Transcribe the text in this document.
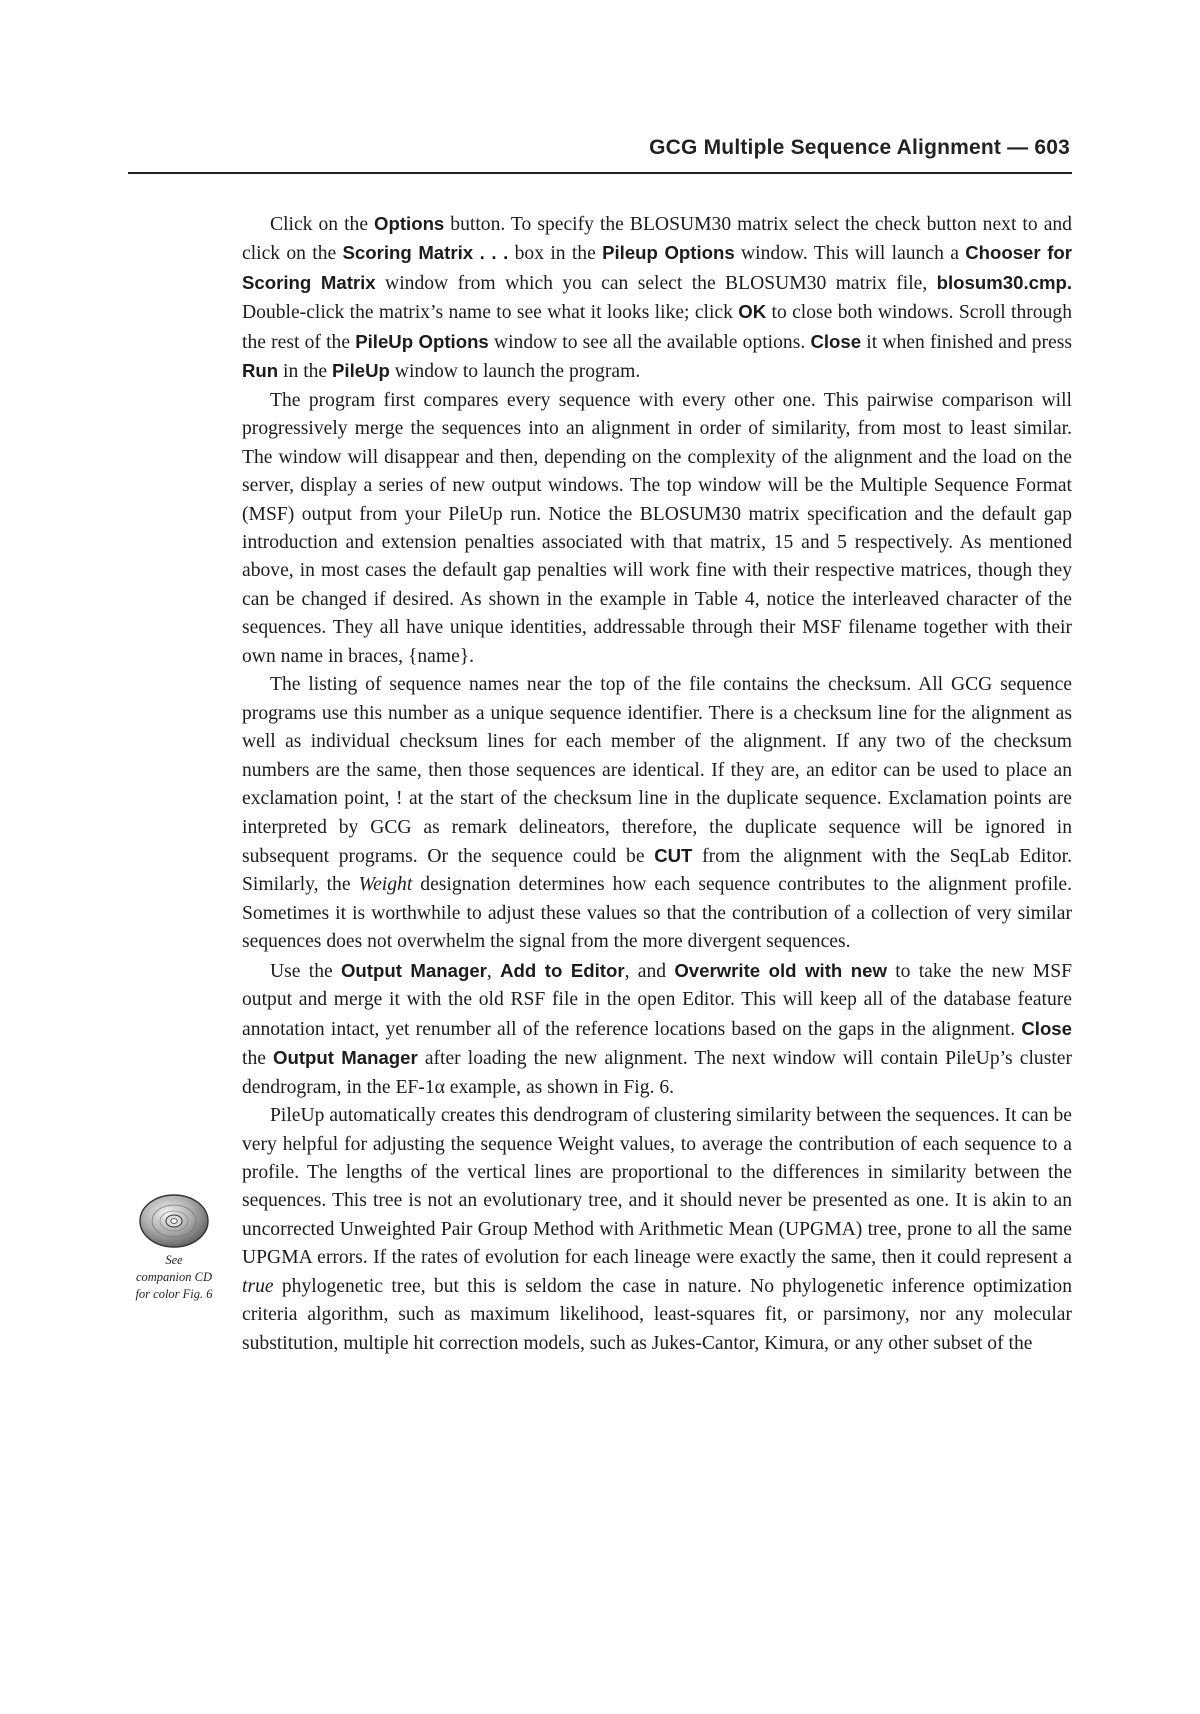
GCG Multiple Sequence Alignment — 603

Click on the Options button. To specify the BLOSUM30 matrix select the check button next to and click on the Scoring Matrix . . . box in the Pileup Options window. This will launch a Chooser for Scoring Matrix window from which you can select the BLOSUM30 matrix file, blosum30.cmp. Double-click the matrix’s name to see what it looks like; click OK to close both windows. Scroll through the rest of the PileUp Options window to see all the available options. Close it when finished and press Run in the PileUp window to launch the program.

The program first compares every sequence with every other one. This pairwise comparison will progressively merge the sequences into an alignment in order of similarity, from most to least similar. The window will disappear and then, depending on the complexity of the alignment and the load on the server, display a series of new output windows. The top window will be the Multiple Sequence Format (MSF) output from your PileUp run. Notice the BLOSUM30 matrix specification and the default gap introduction and extension penalties associated with that matrix, 15 and 5 respectively. As mentioned above, in most cases the default gap penalties will work fine with their respective matrices, though they can be changed if desired. As shown in the example in Table 4, notice the interleaved character of the sequences. They all have unique identities, addressable through their MSF filename together with their own name in braces, {name}.

The listing of sequence names near the top of the file contains the checksum. All GCG sequence programs use this number as a unique sequence identifier. There is a checksum line for the alignment as well as individual checksum lines for each member of the alignment. If any two of the checksum numbers are the same, then those sequences are identical. If they are, an editor can be used to place an exclamation point, ! at the start of the checksum line in the duplicate sequence. Exclamation points are interpreted by GCG as remark delineators, therefore, the duplicate sequence will be ignored in subsequent programs. Or the sequence could be CUT from the alignment with the SeqLab Editor. Similarly, the Weight designation determines how each sequence contributes to the alignment profile. Sometimes it is worthwhile to adjust these values so that the contribution of a collection of very similar sequences does not overwhelm the signal from the more divergent sequences.

Use the Output Manager, Add to Editor, and Overwrite old with new to take the new MSF output and merge it with the old RSF file in the open Editor. This will keep all of the database feature annotation intact, yet renumber all of the reference locations based on the gaps in the alignment. Close the Output Manager after loading the new alignment. The next window will contain PileUp’s cluster dendrogram, in the EF-1α example, as shown in Fig. 6.

PileUp automatically creates this dendrogram of clustering similarity between the sequences. It can be very helpful for adjusting the sequence Weight values, to average the contribution of each sequence to a profile. The lengths of the vertical lines are proportional to the differences in similarity between the sequences. This tree is not an evolutionary tree, and it should never be presented as one. It is akin to an uncorrected Unweighted Pair Group Method with Arithmetic Mean (UPGMA) tree, prone to all the same UPGMA errors. If the rates of evolution for each lineage were exactly the same, then it could represent a true phylogenetic tree, but this is seldom the case in nature. No phylogenetic inference optimization criteria algorithm, such as maximum likelihood, least-squares fit, or parsimony, nor any molecular substitution, multiple hit correction models, such as Jukes-Cantor, Kimura, or any other subset of the

See
companion CD
for color Fig. 6
